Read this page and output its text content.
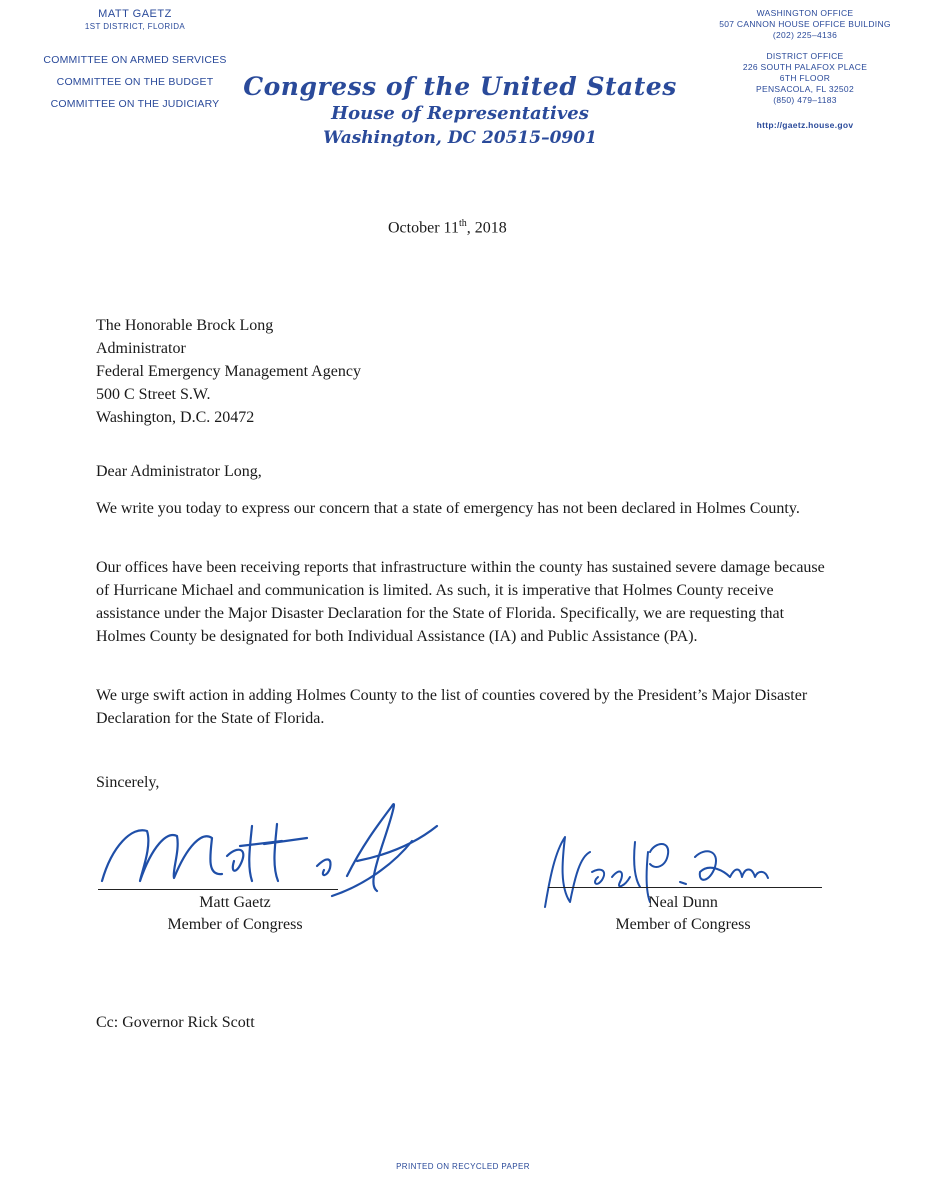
MATT GAETZ
1ST DISTRICT, FLORIDA
COMMITTEE ON ARMED SERVICES
COMMITTEE ON THE BUDGET
COMMITTEE ON THE JUDICIARY
Congress of the United States
House of Representatives
Washington, DC 20515–0901
WASHINGTON OFFICE
507 CANNON HOUSE OFFICE BUILDING
(202) 225–4136
DISTRICT OFFICE
226 SOUTH PALAFOX PLACE
6TH FLOOR
PENSACOLA, FL 32502
(850) 479–1183
http://gaetz.house.gov
October 11th, 2018
The Honorable Brock Long
Administrator
Federal Emergency Management Agency
500 C Street S.W.
Washington, D.C. 20472
Dear Administrator Long,

We write you today to express our concern that a state of emergency has not been declared in Holmes County.

Our offices have been receiving reports that infrastructure within the county has sustained severe damage because of Hurricane Michael and communication is limited. As such, it is imperative that Holmes County receive assistance under the Major Disaster Declaration for the State of Florida. Specifically, we are requesting that Holmes County be designated for both Individual Assistance (IA) and Public Assistance (PA).

We urge swift action in adding Holmes County to the list of counties covered by the President’s Major Disaster Declaration for the State of Florida.

Sincerely,
Matt Gaetz
Member of Congress
Neal Dunn
Member of Congress
Cc: Governor Rick Scott
PRINTED ON RECYCLED PAPER
